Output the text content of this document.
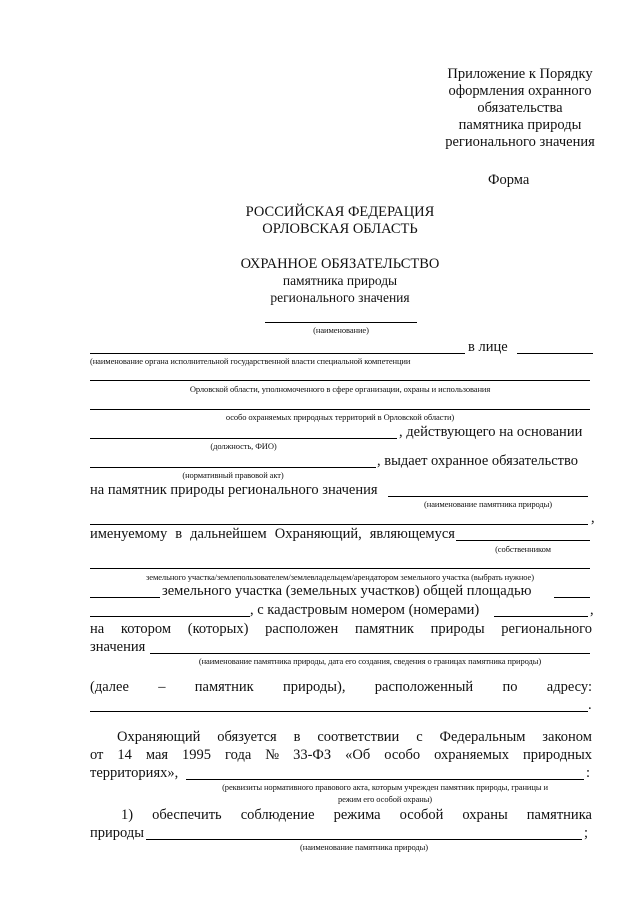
Приложение к Порядку
оформления охранного
обязательства
памятника природы
регионального значения
Форма
РОССИЙСКАЯ ФЕДЕРАЦИЯ
ОРЛОВСКАЯ ОБЛАСТЬ
ОХРАННОЕ ОБЯЗАТЕЛЬСТВО
памятника природы
регионального значения
(наименование)
в лице
(наименование органа исполнительной государственной власти специальной компетенции
Орловской области, уполномоченного в сфере организации, охраны и использования
особо охраняемых природных территорий в Орловской области)
, действующего на основании
(должность, ФИО)
, выдает охранное обязательство
(нормативный правовой акт)
на памятник природы регионального значения
(наименование памятника природы)
,
именуемому в дальнейшем Охраняющий, являющемуся
(собственником
земельного участка/землепользователем/землевладельцем/арендатором земельного участка (выбрать нужное)
земельного участка (земельных участков) общей площадью
, с кадастровым номером (номерами)	,
на котором (которых) расположен памятник природы регионального
значения
(наименование памятника природы, дата его создания, сведения о границах памятника природы)
(далее – памятник природы), расположенный по адресу:
.
Охраняющий обязуется в соответствии с Федеральным законом
от 14 мая 1995 года № 33-ФЗ «Об особо охраняемых природных
территориях»,	:
(реквизиты нормативного правового акта, которым учрежден памятник природы, границы и
режим его особой охраны)
1) обеспечить соблюдение режима особой охраны памятника
природы	;
(наименование памятника природы)
